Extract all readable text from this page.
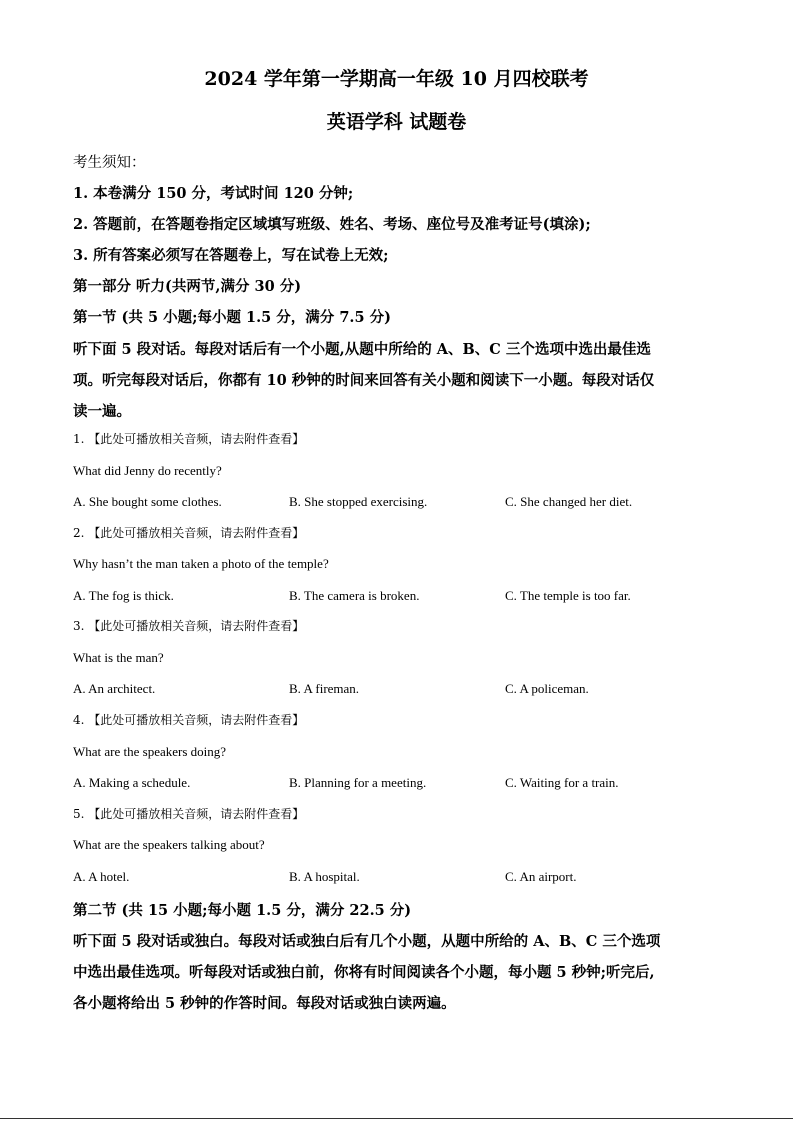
2024 学年第一学期高一年级 10 月四校联考
英语学科 试题卷
考生须知：
1. 本卷满分 150 分，考试时间 120 分钟;
2. 答题前，在答题卷指定区域填写班级、姓名、考场、座位号及准考证号(填涂);
3. 所有答案必须写在答题卷上，写在试卷上无效;
第一部分 听力(共两节,满分 30 分)
第一节 (共 5 小题;每小题 1.5 分，满分 7.5 分)
听下面 5 段对话。每段对话后有一个小题,从题中所给的 A、B、C 三个选项中选出最佳选
项。听完每段对话后，你都有 10 秒钟的时间来回答有关小题和阅读下一小题。每段对话仅
读一遍。
1. 【此处可播放相关音频，请去附件查看】
What did Jenny do recently?
A. She bought some clothes.	B. She stopped exercising.	C. She changed her diet.
2. 【此处可播放相关音频，请去附件查看】
Why hasn’t the man taken a photo of the temple?
A. The fog is thick.	B. The camera is broken.	C. The temple is too far.
3. 【此处可播放相关音频，请去附件查看】
What is the man?
A. An architect.	B. A fireman.	C. A policeman.
4. 【此处可播放相关音频，请去附件查看】
What are the speakers doing?
A. Making a schedule.	B. Planning for a meeting.	C. Waiting for a train.
5. 【此处可播放相关音频，请去附件查看】
What are the speakers talking about?
A. A hotel.	B. A hospital.	C. An airport.
第二节 (共 15 小题;每小题 1.5 分，满分 22.5 分)
听下面 5 段对话或独白。每段对话或独白后有几个小题，从题中所给的 A、B、C 三个选项
中选出最佳选项。听每段对话或独白前，你将有时间阅读各个小题，每小题 5 秒钟;听完后,
各小题将给出 5 秒钟的作答时间。每段对话或独白读两遍。
